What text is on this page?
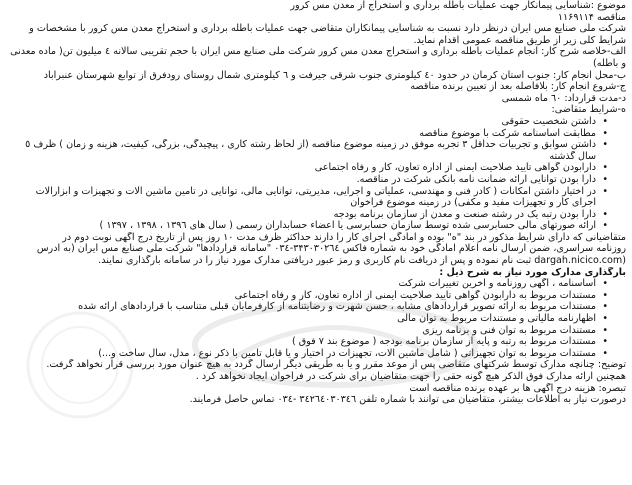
موضوع :شناسایی پیمانکار جهت عملیات باطله برداری و استخراج از معدن مس کرور
مناقصه ۱۱۶۹۱۱۴
شرکت ملی صنایع مس ایران درنظر دارد نسبت به شناسایی پیمانکاران متقاضی جهت عملیات باطله برداری و استخراج معدن مس کرور با مشخصات و
شرایط کلی زیر از طریق مناقصه عمومی اقدام نماید.
الف-خلاصه شرح کار: انجام عملیات باطله برداری و استخراج معدن مس کرور شرکت ملی صنایع مس ایران با حجم تقریبی سالانه ٤ میلیون تن( ماده معدنی
و باطله)
ب-محل انجام کار: جنوب استان کرمان در حدود ٤٠ کیلومتری جنوب شرقی جیرفت و ٦ کیلومتری شمال روستای رودفرق از توابع شهرستان عنبرآباد
ج-شروع انجام کار: بلافاصله بعد از تعیین برنده مناقصه
د-مدت قرارداد: ٦٠ ماه شمسی
ه-شرایط متقاضی:
• داشتن شخصیت حقوقی
• مطابقت اساسنامه شرکت با موضوع مناقصه
• داشتن سوابق و تجربیات حداقل ۳ تجربه موفق در زمینه موضوع مناقصه (از لحاظ رشته کاری ، پیچیدگی، بزرگی، کیفیت، هزینه و زمان ) ظرف ٥
سال گذشته
• دارابودن گواهی تایید صلاحیت ایمنی از اداره تعاون، کار و رفاه اجتماعی
• دارا بودن توانایی ارائه ضمانت نامه بانکی شرکت در مناقصه.
• در اختیار داشتن امکانات ( کادر فنی و مهندسی، عملیاتی و اجرایی، مدیریتی، توانایی مالی، توانایی در تامین ماشین آلات و تجهیزات و ابزارآلات
اجرای کار و تجهیزات مفید و مکفی) در زمینه موضوع فراخوان
• دارا بودن رتبه یک در رشته صنعت و معدن از سازمان برنامه بودجه
• ارائه صورتهای مالی حسابرسی شده توسط سازمان حسابرسی یا اعضاء حسابداران رسمی ( سال های ۱۳۹٦ ، ۱۳۹۸ ، ۱۳۹۷ )
متقاضیانی که دارای شرایط مذکور در بند "ه" بوده و آمادگی اجرای کار را دارند حداکثر ظرف مدت ۱۰ روز پس از تاریخ درج آگهی نوبت دوم در
روزنامه سراسری، ضمن ارسال نامه اعلام آمادگی خود به شماره فاکس ۳۴۳۰۳۰۲٦٤-۰۳٤ "سامانه قراردادها" شرکت ملی صنایع مس ایران (به آدرس
(dargah.nicico.com ثبت نام نموده و پس از دریافت نام کاربری و رمز عبور دریافتی مدارک مورد نیاز را در سامانه بارگذاری نمایند.
بارگذاری مدارک مورد نیاز به شرح ذیل :
• اساسنامه ، آگهی روزنامه و آخرین تغییرات شرکت
• مستندات مربوط به دارابودن گواهی تایید صلاحیت ایمنی از اداره تعاون، کار و رفاه اجتماعی
• مستندات مربوط به ارائه تصویر قراردادهای مشابه ، حسن شهرت و رضایتنامه از کارفرمایان قبلی متناسب با قراردادهای ارائه شده
• اظهارنامه مالیاتی و مستندات مربوط به توان مالی
• مستندات مربوط به توان فنی و برنامه ریزی
• مستندات مربوط به رتبه و پایه از سازمان برنامه بودجه ( موضوع بند ۷ فوق )
• مستندات مربوط به توان تجهیزاتی ( شامل ماشین آلات، تجهیزات در اختیار و یا قابل تامین با ذکر نوع ، مدل، سال ساخت و...)
توضیح: چنانچه مدارک توسط شرکتهای متقاضی پس از موعد مقرر و یا به طریقی دیگر ارسال گردد به هیچ عنوان مورد بررسی قرار نخواهد گرفت.
همچنین ارائه مدارک فوق الذکر هیچ گونه حقی را جهت متقاضیان برای شرکت در فراخوان ایجاد نخواهد کرد .
تبصره: هزینه درج آگهی ها بر عهده برنده مناقصه است
درصورت نیاز به اطلاعات بیشتر، متقاضیان می توانند با شماره تلفن ۳٤۲٦٤۰۳۰۳٤٦ -۰۳٤ تماس حاصل فرمایند.
